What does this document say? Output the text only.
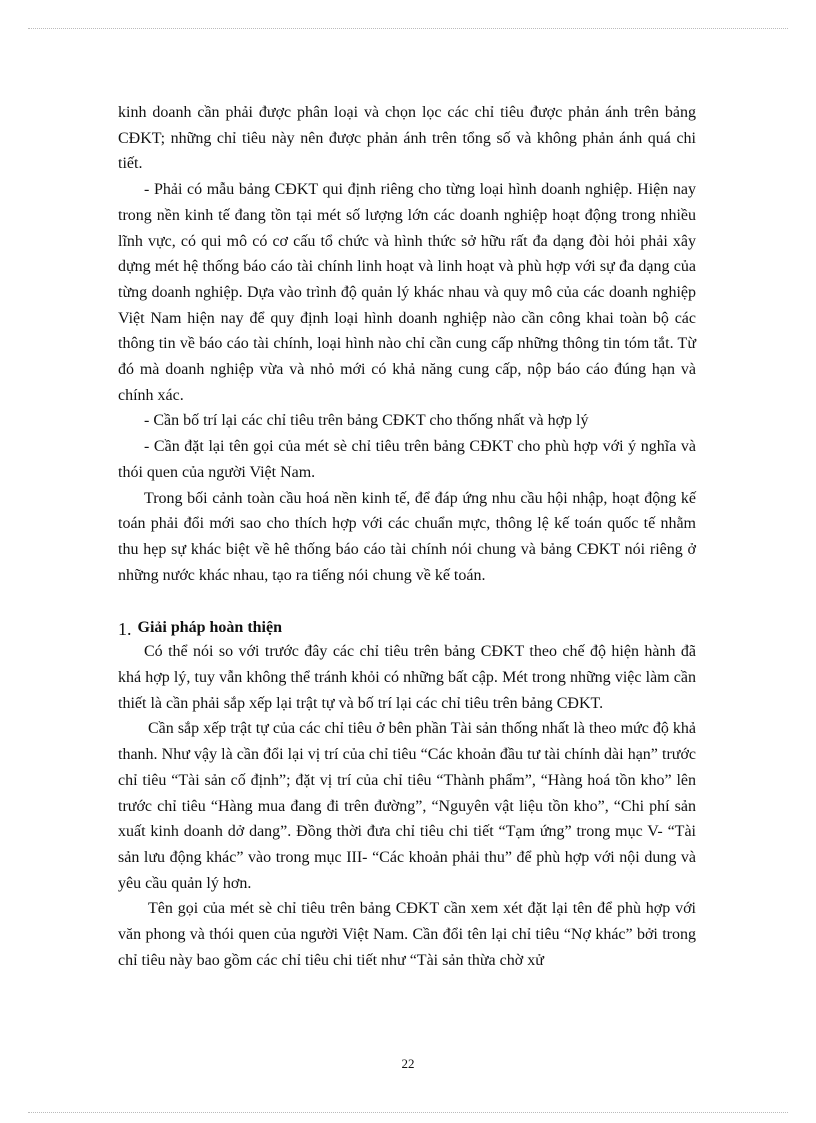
kinh doanh cần phải được phân loại và chọn lọc các chỉ tiêu được phản ánh trên bảng CĐKT; những chỉ tiêu này nên được phản ánh trên tổng số và không phản ánh quá chi tiết.

- Phải có mẫu bảng CĐKT qui định riêng cho từng loại hình doanh nghiệp. Hiện nay trong nền kinh tế đang tồn tại mét số lượng lớn các doanh nghiệp hoạt động trong nhiều lĩnh vực, có qui mô có cơ cấu tổ chức và hình thức sở hữu rất đa dạng đòi hỏi phải xây dựng mét hệ thống báo cáo tài chính linh hoạt và linh hoạt và phù hợp với sự đa dạng của từng doanh nghiệp. Dựa vào trình độ quản lý khác nhau và quy mô của các doanh nghiệp Việt Nam hiện nay để quy định loại hình doanh nghiệp nào cần công khai toàn bộ các thông tin về báo cáo tài chính, loại hình nào chỉ cần cung cấp những thông tin tóm tắt. Từ đó mà doanh nghiệp vừa và nhỏ mới có khả năng cung cấp, nộp báo cáo đúng hạn và chính xác.

- Cần bố trí lại các chỉ tiêu trên bảng CĐKT cho thống nhất và hợp lý

- Cần đặt lại tên gọi của mét sè chỉ tiêu trên bảng CĐKT cho phù hợp với ý nghĩa và thói quen của người Việt Nam.

Trong bối cảnh toàn cầu hoá nền kinh tế, để đáp ứng nhu cầu hội nhập, hoạt động kế toán phải đổi mới sao cho thích hợp với các chuẩn mực, thông lệ kế toán quốc tế nhằm thu hẹp sự khác biệt về hê thống báo cáo tài chính nói chung và bảng CĐKT nói riêng ở những nước khác nhau, tạo ra tiếng nói chung về kế toán.

1. Giải pháp hoàn thiện

Có thể nói so với trước đây các chỉ tiêu trên bảng CĐKT theo chế độ hiện hành đã khá hợp lý, tuy vẫn không thể tránh khỏi có những bất cập. Mét trong những việc làm cần thiết là cần phải sắp xếp lại trật tự và bố trí lại các chỉ tiêu trên bảng CĐKT.

Cần sắp xếp trật tự của các chỉ tiêu ở bên phần Tài sản thống nhất là theo mức độ khả thanh. Như vậy là cần đổi lại vị trí của chỉ tiêu “Các khoản đầu tư tài chính dài hạn” trước chỉ tiêu “Tài sản cố định”; đặt vị trí của chỉ tiêu “Thành phẩm”, “Hàng hoá tồn kho” lên trước chỉ tiêu “Hàng mua đang đi trên đường”, “Nguyên vật liệu tồn kho”, “Chi phí sản xuất kinh doanh dở dang”. Đồng thời đưa chỉ tiêu chi tiết “Tạm ứng” trong mục V- “Tài sản lưu động khác” vào trong mục III- “Các khoản phải thu” để phù hợp với nội dung và yêu cầu quản lý hơn.

Tên gọi của mét sè chỉ tiêu trên bảng CĐKT cần xem xét đặt lại tên để phù hợp với văn phong và thói quen của người Việt Nam. Cần đổi tên lại chỉ tiêu “Nợ khác” bởi trong chỉ tiêu này bao gồm các chỉ tiêu chi tiết như “Tài sản thừa chờ xử

22
